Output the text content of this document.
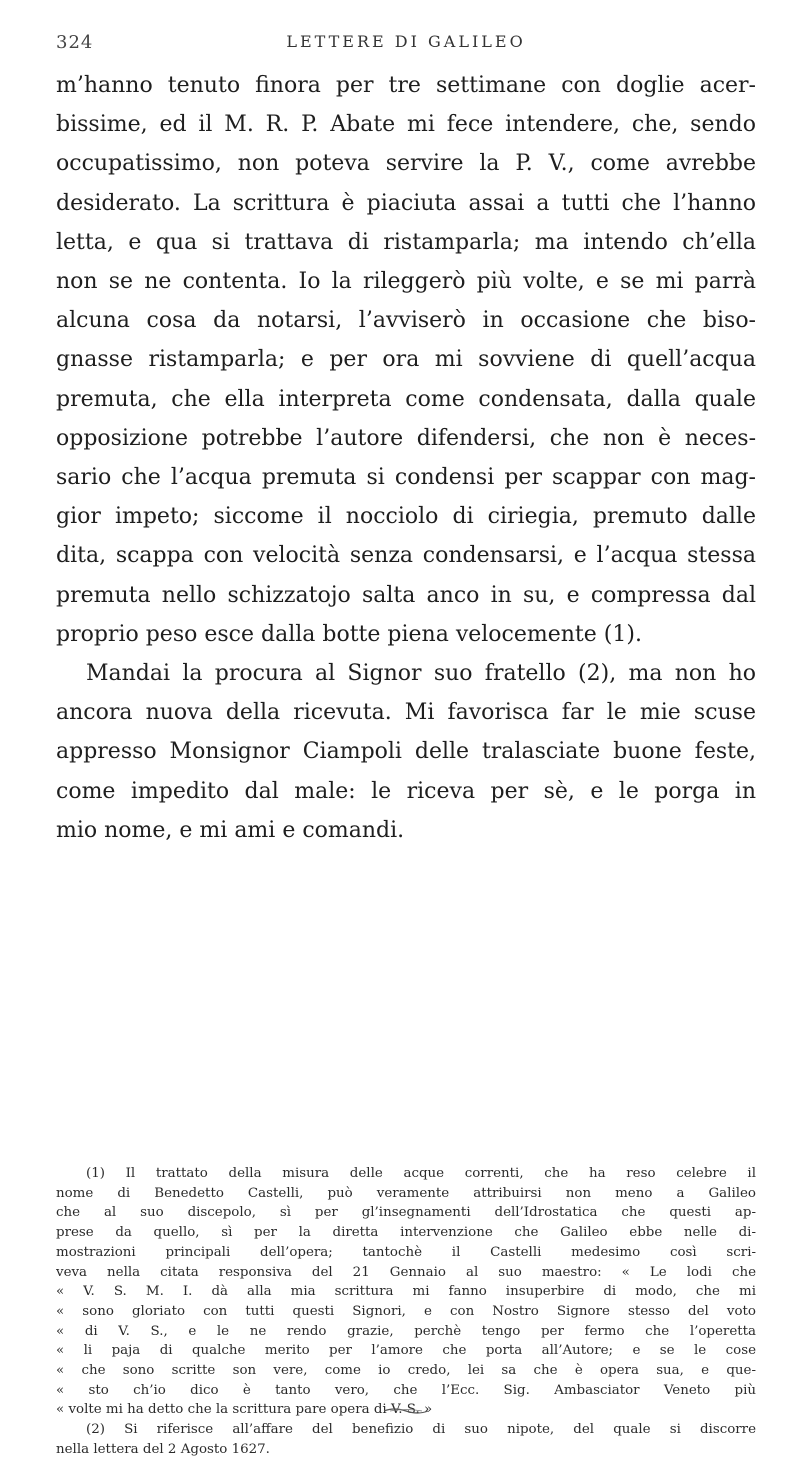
324	LETTERE DI GALILEO

m’hanno tenuto finora per tre settimane con doglie acer-
bissime, ed il M. R. P. Abate mi fece intendere, che, sendo
occupatissimo, non poteva servire la P. V., come avrebbe
desiderato. La scrittura è piaciuta assai a tutti che l’hanno
letta, e qua si trattava di ristamparla; ma intendo ch’ella
non se ne contenta. Io la rileggerò più volte, e se mi parrà
alcuna cosa da notarsi, l’avviserò in occasione che biso-
gnasse ristamparla; e per ora mi sovviene di quell’acqua
premuta, che ella interpreta come condensata, dalla quale
opposizione potrebbe l’autore difendersi, che non è neces-
sario che l’acqua premuta si condensi per scappar con mag-
gior impeto; siccome il nocciolo di ciriegia, premuto dalle
dita, scappa con velocità senza condensarsi, e l’acqua stessa
premuta nello schizzatojo salta anco in su, e compressa dal
proprio peso esce dalla botte piena velocemente (1).

Mandai la procura al Signor suo fratello (2), ma non ho
ancora nuova della ricevuta. Mi favorisca far le mie scuse
appresso Monsignor Ciampoli delle tralasciate buone feste,
come impedito dal male: le riceva per sè, e le porga in
mio nome, e mi ami e comandi.

(1) Il trattato della misura delle acque correnti, che ha reso celebre il
nome di Benedetto Castelli, può veramente attribuirsi non meno a Galileo
che al suo discepolo, sì per gl’insegnamenti dell’Idrostatica che questi ap-
prese da quello, sì per la diretta intervenzione che Galileo ebbe nelle di-
mostrazioni principali dell’opera; tantochè il Castelli medesimo così scri-
veva nella citata responsiva del 21 Gennaio al suo maestro: « Le lodi che
« V. S. M. I. dà alla mia scrittura mi fanno insuperbire di modo, che mi
« sono gloriato con tutti questi Signori, e con Nostro Signore stesso del voto
« di V. S., e le ne rendo grazie, perchè tengo per fermo che l’operetta
« li paja di qualche merito per l’amore che porta all’Autore; e se le cose
« che sono scritte son vere, come io credo, lei sa che è opera sua, e que-
« sto ch’io dico è tanto vero, che l’Ecc. Sig. Ambasciator Veneto più
« volte mi ha detto che la scrittura pare opera di V. S. »
(2) Si riferisce all’affare del benefizio di suo nipote, del quale si discorre
nella lettera del 2 Agosto 1627.
